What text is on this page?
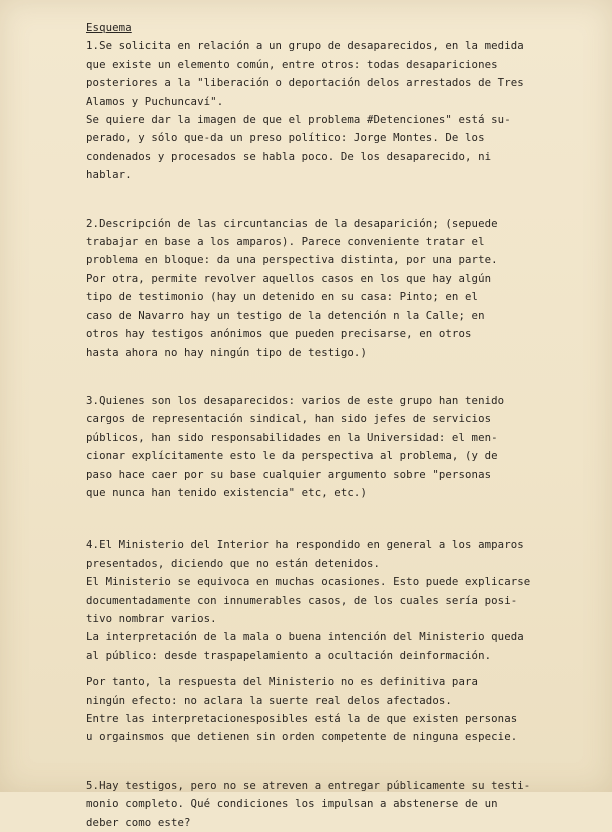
Esquema

1.Se solicita en relación a un grupo de desaparecidos, en la medida
que existe un elemento común, entre otros: todas desapariciones
posteriores a la "liberación o deportación delos arrestados de Tres
Alamos y Puchuncaví".
Se quiere dar la imagen de que el problema #Detenciones" está su-
perado, y sólo que-da un preso político: Jorge Montes. De los
condenados y procesados se habla poco. De los desaparecido, ni
hablar.
2.Descripción de las circuntancias de la desaparición; (sepuede
trabajar en base a los amparos). Parece conveniente tratar el
problema en bloque: da una perspectiva distinta, por una parte.
Por otra, permite revolver aquellos casos en los que hay algún
tipo de testimonio (hay un detenido en su casa: Pinto; en el
caso de Navarro hay un testigo de la detención n la Calle; en
otros hay testigos anónimos que pueden precisarse, en otros
hasta ahora no hay ningún tipo de testigo.)
3.Quienes son los desaparecidos: varios de este grupo han tenido
cargos de representación sindical, han sido jefes de servicios
públicos, han sido responsabilidades en la Universidad: el men-
cionar explícitamente esto le da perspectiva al problema, (y de
paso hace caer por su base cualquier argumento sobre "personas
que nunca han tenido existencia" etc, etc.)
4.El Ministerio del Interior ha respondido en general a los amparos
presentados, diciendo que no están detenidos.
El Ministerio se equivoca en muchas ocasiones. Esto puede explicarse
documentadamente con innumerables casos, de los cuales sería posi-
tivo nombrar varios.
La interpretación de la mala o buena intención del Ministerio queda
al público: desde traspapelamiento a ocultación deinformación.
Por tanto, la respuesta del Ministerio no es definitiva para
ningún efecto: no aclara la suerte real delos afectados.
Entre las interpretacionesposibles está la de que existen personas
u orgainsmos que detienen sin orden competente de ninguna especie.
5.Hay testigos, pero no se atreven a entregar públicamente su testi-
monio completo. Qué condiciones los impulsan a abstenerse de un
deber como este?
